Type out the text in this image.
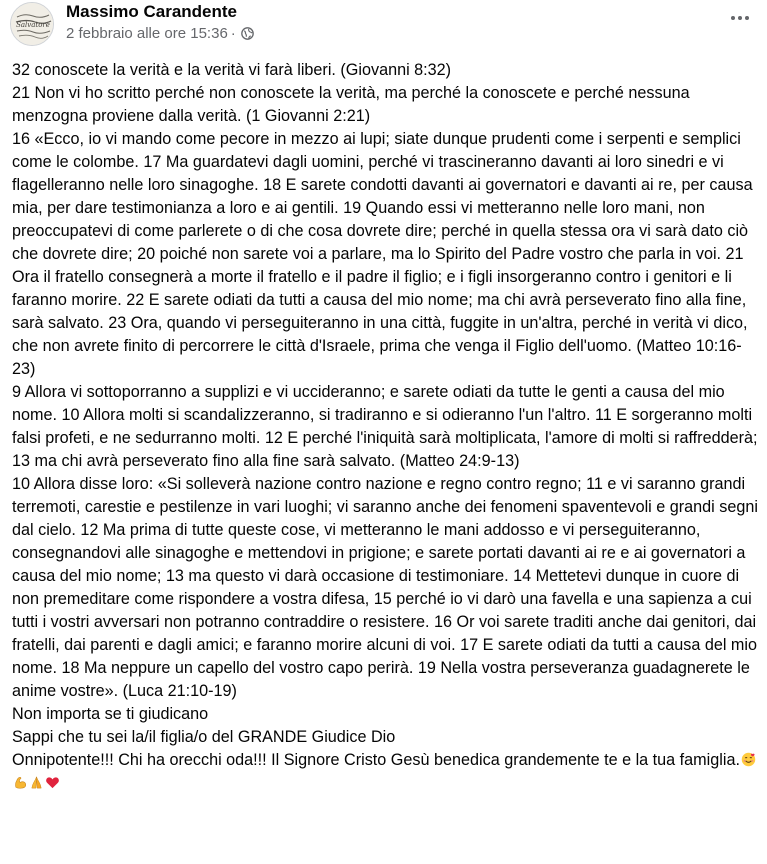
Salvatore
Massimo Carandente
2 febbraio alle ore 15:36 ·

32 conoscete la verità e la verità vi farà liberi. (Giovanni 8:32)

21 Non vi ho scritto perché non conoscete la verità, ma perché la conoscete e perché nessuna menzogna proviene dalla verità. (1 Giovanni 2:21)

16 «Ecco, io vi mando come pecore in mezzo ai lupi; siate dunque prudenti come i serpenti e semplici come le colombe. 17 Ma guardatevi dagli uomini, perché vi trascineranno davanti ai loro sinedri e vi flagelleranno nelle loro sinagoghe. 18 E sarete condotti davanti ai governatori e davanti ai re, per causa mia, per dare testimonianza a loro e ai gentili. 19 Quando essi vi metteranno nelle loro mani, non preoccupatevi di come parlerete o di che cosa dovrete dire; perché in quella stessa ora vi sarà dato ciò che dovrete dire; 20 poiché non sarete voi a parlare, ma lo Spirito del Padre vostro che parla in voi. 21 Ora il fratello consegnerà a morte il fratello e il padre il figlio; e i figli insorgeranno contro i genitori e li faranno morire. 22 E sarete odiati da tutti a causa del mio nome; ma chi avrà perseverato fino alla fine, sarà salvato. 23 Ora, quando vi perseguiteranno in una città, fuggite in un'altra, perché in verità vi dico, che non avrete finito di percorrere le città d'Israele, prima che venga il Figlio dell'uomo. (Matteo 10:16-23)

9 Allora vi sottoporranno a supplizi e vi uccideranno; e sarete odiati da tutte le genti a causa del mio nome. 10 Allora molti si scandalizzeranno, si tradiranno e si odieranno l'un l'altro. 11 E sorgeranno molti falsi profeti, e ne sedurranno molti. 12 E perché l'iniquità sarà moltiplicata, l'amore di molti si raffredderà; 13 ma chi avrà perseverato fino alla fine sarà salvato. (Matteo 24:9-13)

10 Allora disse loro: «Si solleverà nazione contro nazione e regno contro regno; 11 e vi saranno grandi terremoti, carestie e pestilenze in vari luoghi; vi saranno anche dei fenomeni spaventevoli e grandi segni dal cielo. 12 Ma prima di tutte queste cose, vi metteranno le mani addosso e vi perseguiteranno, consegnandovi alle sinagoghe e mettendovi in prigione; e sarete portati davanti ai re e ai governatori a causa del mio nome; 13 ma questo vi darà occasione di testimoniare. 14 Mettetevi dunque in cuore di non premeditare come rispondere a vostra difesa, 15 perché io vi darò una favella e una sapienza a cui tutti i vostri avversari non potranno contraddire o resistere. 16 Or voi sarete traditi anche dai genitori, dai fratelli, dai parenti e dagli amici; e faranno morire alcuni di voi. 17 E sarete odiati da tutti a causa del mio nome. 18 Ma neppure un capello del vostro capo perirà. 19 Nella vostra perseveranza guadagnerete le anime vostre». (Luca 21:10-19)

Non importa se ti giudicano

Sappi che tu sei la/il figlia/o del GRANDE Giudice Dio

Onnipotente!!! Chi ha orecchi oda!!! Il Signore Cristo Gesù benedica grandemente te e la tua famiglia.
